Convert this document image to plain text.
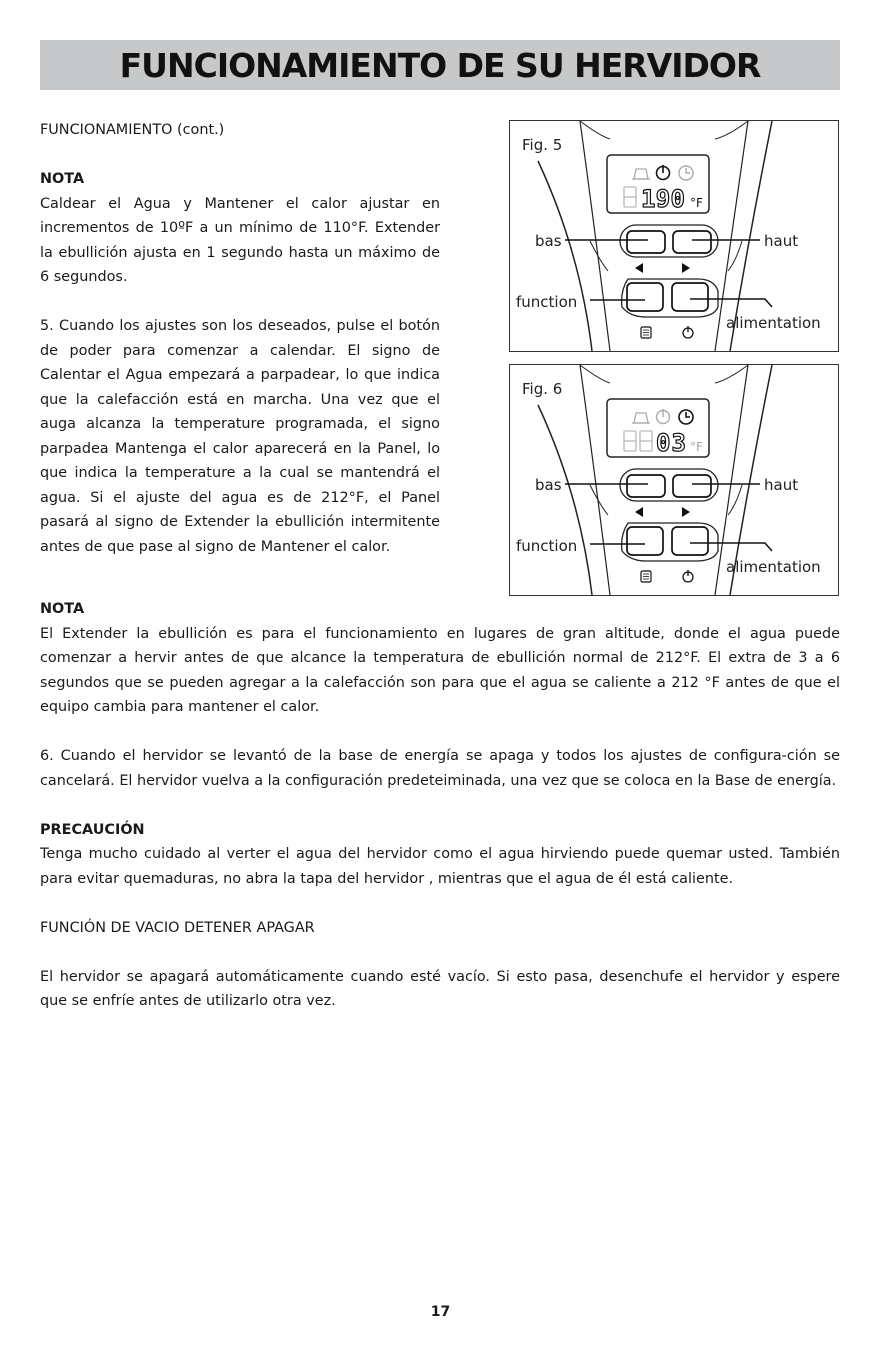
FUNCIONAMIENTO DE SU HERVIDOR

FUNCIONAMIENTO (cont.)

NOTA

Caldear el Agua y Mantener el calor ajustar en incrementos de 10ºF a un mínimo de 110°F. Extender la ebullición ajusta en 1 segundo hasta un máximo de 6 segundos.

5. Cuando los ajustes son los deseados, pulse el botón de poder para comenzar a calendar. El signo de Calentar el Agua empezará a parpadear, lo que indica que la calefacción está en marcha. Una vez que el auga alcanza la temperature programada, el signo parpadea Mantenga el calor aparecerá en la Panel, lo que indica la temperature a la cual se mantendrá el agua. Si el ajuste del agua es de 212°F, el Panel pasará al signo de Extender la ebullición intermitente antes de que pase al signo de Mantener el calor.

190 °F
Fig. 5
bas	haut
function
alimentation
03 °F
Fig. 6
bas	haut
function
alimentation

NOTA

El Extender la ebullición es para el funcionamiento en lugares de gran altitude, donde el agua puede comenzar a hervir antes de que alcance la temperatura de ebullición normal de 212°F. El extra de 3 a 6 segundos que se pueden agregar a la calefacción son para que el agua se caliente a 212 °F antes de que el equipo cambia para mantener el calor.

6. Cuando el hervidor se levantó de la base de energía se apaga y todos los ajustes de configura-ción se cancelará. El hervidor vuelva a la configuración predeteiminada, una vez que se coloca en la Base de energía.

PRECAUCIÓN

Tenga mucho cuidado al verter el agua del hervidor como el agua hirviendo puede quemar usted. También para evitar quemaduras, no abra la tapa del hervidor , mientras que el agua de él está caliente.

FUNCIÓN DE VACIO DETENER APAGAR

El hervidor se apagará automáticamente cuando esté vacío. Si esto pasa, desenchufe el hervidor y espere que se enfríe antes de utilizarlo otra vez.

17
